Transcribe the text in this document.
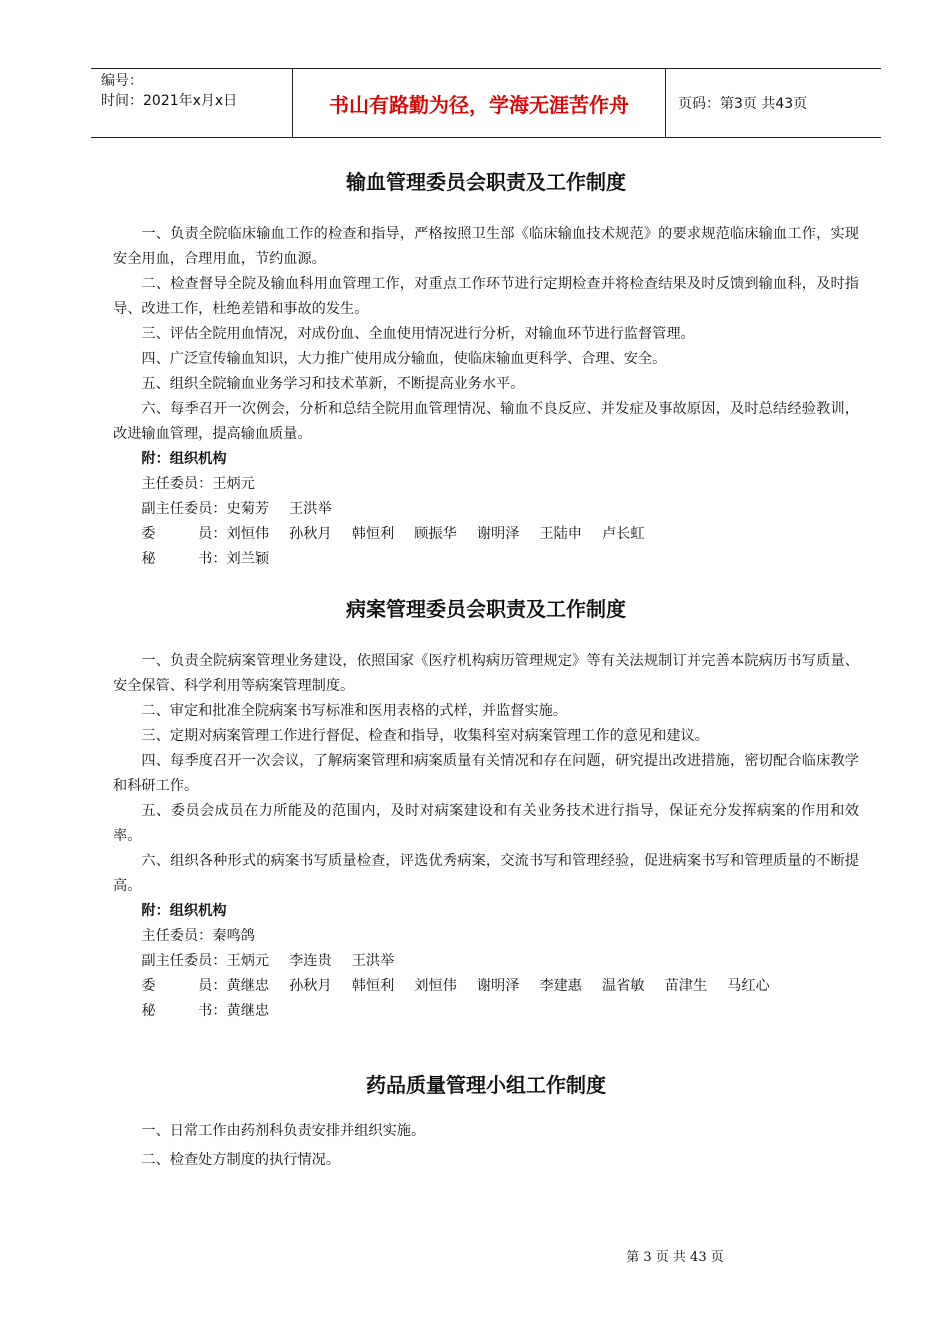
编号：
时间：2021年x月x日	书山有路勤为径，学海无涯苦作舟	页码：第3页 共43页
输血管理委员会职责及工作制度

一、负责全院临床输血工作的检查和指导，严格按照卫生部《临床输血技术规范》的要求规范临床输血工作，实现安全用血，合理用血，节约血源。

二、检查督导全院及输血科用血管理工作，对重点工作环节进行定期检查并将检查结果及时反馈到输血科，及时指导、改进工作，杜绝差错和事故的发生。

三、评估全院用血情况，对成份血、全血使用情况进行分析，对输血环节进行监督管理。

四、广泛宣传输血知识，大力推广使用成分输血，使临床输血更科学、合理、安全。

五、组织全院输血业务学习和技术革新，不断提高业务水平。

六、每季召开一次例会，分析和总结全院用血管理情况、输血不良反应、并发症及事故原因，及时总结经验教训，改进输血管理，提高输血质量。

附：组织机构

主任委员：王炳元

副主任委员：史菊芳 王洪举

委　　　员：刘恒伟 孙秋月 韩恒利 顾振华 谢明泽 王陆申 卢长虹

秘　　　书：刘兰颖

病案管理委员会职责及工作制度

一、负责全院病案管理业务建设，依照国家《医疗机构病历管理规定》等有关法规制订并完善本院病历书写质量、安全保管、科学利用等病案管理制度。

二、审定和批准全院病案书写标准和医用表格的式样，并监督实施。

三、定期对病案管理工作进行督促、检查和指导，收集科室对病案管理工作的意见和建议。

四、每季度召开一次会议，了解病案管理和病案质量有关情况和存在问题，研究提出改进措施，密切配合临床教学和科研工作。

五、委员会成员在力所能及的范围内，及时对病案建设和有关业务技术进行指导，保证充分发挥病案的作用和效率。

六、组织各种形式的病案书写质量检查，评选优秀病案，交流书写和管理经验，促进病案书写和管理质量的不断提高。

附：组织机构

主任委员：秦鸣鸽

副主任委员：王炳元 李连贵 王洪举

委　　　员：黄继忠 孙秋月 韩恒利 刘恒伟 谢明泽 李建惠 温省敏 苗津生 马红心

秘　　　书：黄继忠

药品质量管理小组工作制度

一、日常工作由药剂科负责安排并组织实施。

二、检查处方制度的执行情况。

第 3 页 共 43 页
